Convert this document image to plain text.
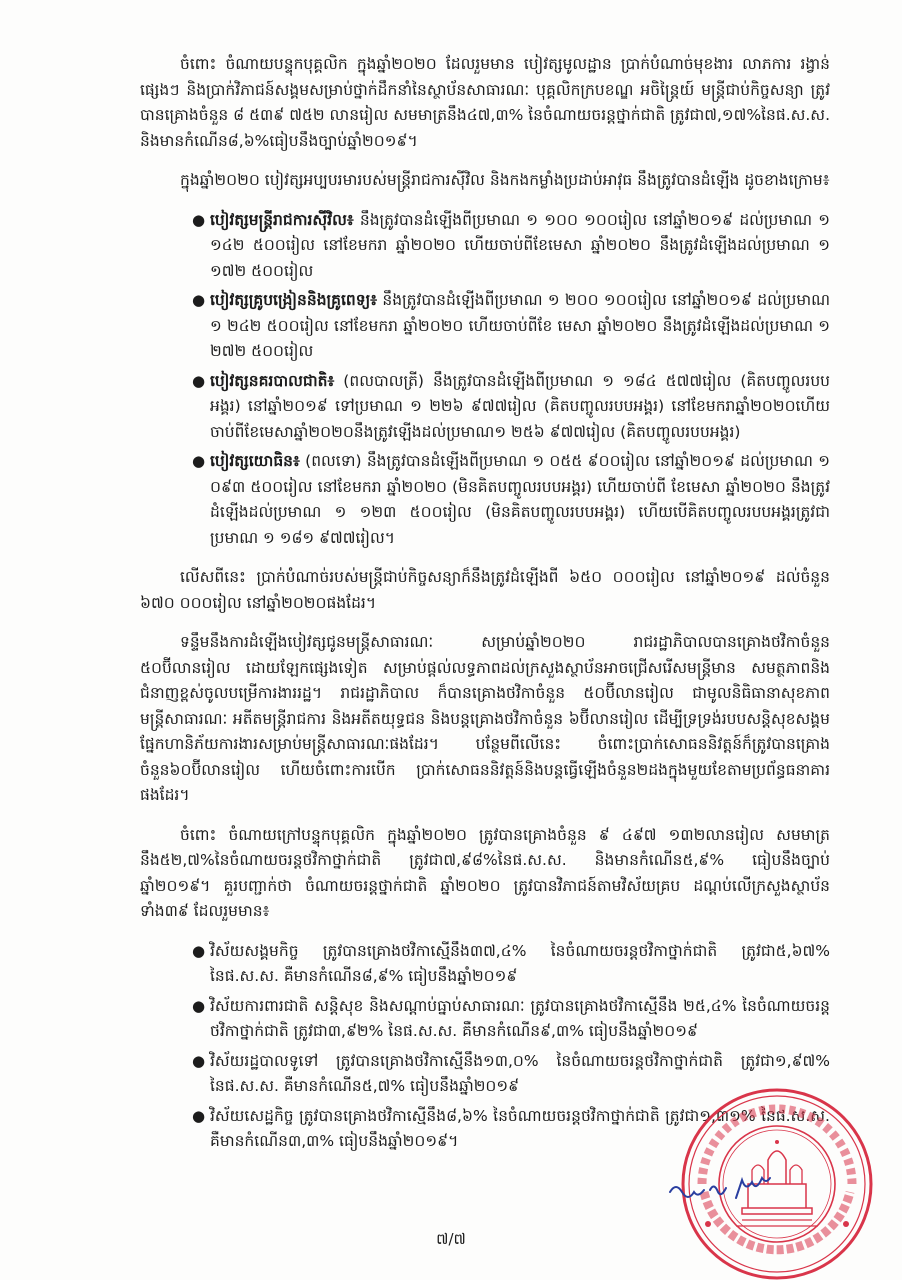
ចំពោះ ចំណាយបន្ទុកបុគ្គលិក ក្នុងឆ្នាំ២០២០ ដែលរួមមាន បៀវត្សមូលដ្ឋាន ប្រាក់បំណាច់មុខងារ លាភការ រង្វាន់ផ្សេងៗ និងប្រាក់វិភាជន៍សង្គមសម្រាប់ថ្នាក់ដឹកនាំនៃស្ថាប័នសាធារណៈ បុគ្គលិកក្របខណ្ឌ អចិន្ត្រៃយ៍ មន្ត្រីជាប់កិច្ចសន្យា ត្រូវបានគ្រោងចំនួន ៨ ៥៣៩ ៧៥២ លានរៀល សមមាត្រនឹង៤៧,៣% នៃចំណាយចរន្តថ្នាក់ជាតិ ត្រូវជា៧,១៧%នៃផ.ស.ស. និងមានកំណើន៨,៦%ធៀបនឹងច្បាប់ឆ្នាំ២០១៩។

ក្នុងឆ្នាំ២០២០ បៀវត្សអប្បបរមារបស់មន្ត្រីរាជការស៊ីវិល និងកងកម្លាំងប្រដាប់អាវុធ នឹងត្រូវបានដំឡើង ដូចខាងក្រោម៖

● បៀវត្សមន្ត្រីរាជការស៊ីវិល៖ នឹងត្រូវបានដំឡើងពីប្រមាណ ១ ១០០ ១០០រៀល នៅឆ្នាំ២០១៩ ដល់ប្រមាណ ១ ១៤២ ៥០០រៀល នៅខែមករា ឆ្នាំ២០២០ ហើយចាប់ពីខែមេសា ឆ្នាំ២០២០ នឹងត្រូវដំឡើងដល់ប្រមាណ ១ ១៧២ ៥០០រៀល
● បៀវត្សគ្រូបង្រៀននិងគ្រូពេទ្យ៖ នឹងត្រូវបានដំឡើងពីប្រមាណ ១ ២០០ ១០០រៀល នៅឆ្នាំ២០១៩ ដល់ប្រមាណ ១ ២៤២ ៥០០រៀល នៅខែមករា ឆ្នាំ២០២០ ហើយចាប់ពីខែ មេសា ឆ្នាំ២០២០ នឹងត្រូវដំឡើងដល់ប្រមាណ ១ ២៧២ ៥០០រៀល
● បៀវត្សនគរបាលជាតិ៖ (ពលបាលត្រី) នឹងត្រូវបានដំឡើងពីប្រមាណ ១ ១៨៤ ៥៧៧រៀល (គិតបញ្ចូលរបបអង្គរ) នៅឆ្នាំ២០១៩ ទៅប្រមាណ ១ ២២៦ ៩៧៧រៀល (គិតបញ្ចូលរបបអង្គរ) នៅខែមករាឆ្នាំ២០២០ហើយចាប់ពីខែមេសាឆ្នាំ២០២០នឹងត្រូវឡើងដល់ប្រមាណ១ ២៥៦ ៩៧៧រៀល (គិតបញ្ចូលរបបអង្គរ)
● បៀវត្សយោធិន៖ (ពលទោ) នឹងត្រូវបានដំឡើងពីប្រមាណ ១ ០៥៥ ៩០០រៀល នៅឆ្នាំ២០១៩ ដល់ប្រមាណ ១ ០៩៣ ៥០០រៀល នៅខែមករា ឆ្នាំ២០២០ (មិនគិតបញ្ចូលរបបអង្គរ) ហើយចាប់ពី ខែមេសា ឆ្នាំ២០២០ នឹងត្រូវដំឡើងដល់ប្រមាណ ១ ១២៣ ៥០០រៀល (មិនគិតបញ្ចូលរបបអង្គរ) ហើយបើគិតបញ្ចូលរបបអង្គរត្រូវជាប្រមាណ ១ ១៨១ ៩៧៧រៀល។

លើសពីនេះ ប្រាក់បំណាច់របស់មន្ត្រីជាប់កិច្ចសន្យាក៏នឹងត្រូវដំឡើងពី ៦៥០ ០០០រៀល នៅឆ្នាំ២០១៩ ដល់ចំនួន ៦៧០ ០០០រៀល នៅឆ្នាំ២០២០ផងដែរ។

ទន្ទឹមនឹងការដំឡើងបៀវត្សជូនមន្ត្រីសាធារណៈ សម្រាប់ឆ្នាំ២០២០ រាជរដ្ឋាភិបាលបានគ្រោងថវិកាចំនួន ៥០ប៊ីលានរៀល ដោយឡែកផ្សេងទៀត សម្រាប់ផ្ដល់លទ្ធភាពដល់ក្រសួងស្ថាប័នអាចជ្រើសរើសមន្ត្រីមាន សមត្ថភាពនិងជំនាញខ្ពស់ចូលបម្រើការងាររដ្ឋ។ រាជរដ្ឋាភិបាល ក៏បានគ្រោងថវិកាចំនួន ៥០ប៊ីលានរៀល ជាមូលនិធិធានាសុខភាពមន្ត្រីសាធារណៈ អតីតមន្ត្រីរាជការ និងអតីតយុទ្ធជន និងបន្តគ្រោងថវិកាចំនួន ៦ប៊ីលានរៀល ដើម្បីទ្រទ្រង់របបសន្តិសុខសង្គមផ្នែកហានិភ័យការងារសម្រាប់មន្ត្រីសាធារណៈផងដែរ។ បន្ថែមពីលើនេះ ចំពោះប្រាក់សោធននិវត្តន៍ក៏ត្រូវបានគ្រោងចំនួន៦០ប៊ីលានរៀល ហើយចំពោះការបើក ប្រាក់សោធននិវត្តន៍និងបន្តធ្វើឡើងចំនួន២ដងក្នុងមួយខែតាមប្រព័ន្ធធនាគារផងដែរ។

ចំពោះ ចំណាយក្រៅបន្ទុកបុគ្គលិក ក្នុងឆ្នាំ២០២០ ត្រូវបានគ្រោងចំនួន ៩ ៤៩៧ ១៣២លានរៀល សមមាត្រនឹង៥២,៧%នៃចំណាយចរន្តថវិកាថ្នាក់ជាតិ ត្រូវជា៧,៩៨%នៃផ.ស.ស. និងមានកំណើន៥,៩% ធៀបនឹងច្បាប់ឆ្នាំ២០១៩។ គួរបញ្ជាក់ថា ចំណាយចរន្តថ្នាក់ជាតិ ឆ្នាំ២០២០ ត្រូវបានវិភាជន៍តាមវិស័យគ្រប ដណ្ដប់លើក្រសួងស្ថាប័នទាំង៣៩ ដែលរួមមាន៖

● វិស័យសង្គមកិច្ច ត្រូវបានគ្រោងថវិកាស្មើនឹង៣៧,៤% នៃចំណាយចរន្តថវិកាថ្នាក់ជាតិ ត្រូវជា៥,៦៧% នៃផ.ស.ស. គឺមានកំណើន៨,៩% ធៀបនឹងឆ្នាំ២០១៩
● វិស័យការពារជាតិ សន្តិសុខ និងសណ្ដាប់ធ្នាប់សាធារណៈ ត្រូវបានគ្រោងថវិកាស្មើនឹង ២៥,៤% នៃចំណាយចរន្តថវិកាថ្នាក់ជាតិ ត្រូវជា៣,៩២% នៃផ.ស.ស. គឺមានកំណើន៩,៣% ធៀបនឹងឆ្នាំ២០១៩
● វិស័យរដ្ឋបាលទូទៅ ត្រូវបានគ្រោងថវិកាស្មើនឹង១៣,០% នៃចំណាយចរន្តថវិកាថ្នាក់ជាតិ ត្រូវជា១,៩៧% នៃផ.ស.ស. គឺមានកំណើន៥,៧% ធៀបនឹងឆ្នាំ២០១៩
● វិស័យសេដ្ឋកិច្ច ត្រូវបានគ្រោងថវិកាស្មើនឹង៨,៦% នៃចំណាយចរន្តថវិកាថ្នាក់ជាតិ ត្រូវជា១,៣១% នៃផ.ស.ស. គឺមានកំណើន៣,៣% ធៀបនឹងឆ្នាំ២០១៩។
៧/៧
